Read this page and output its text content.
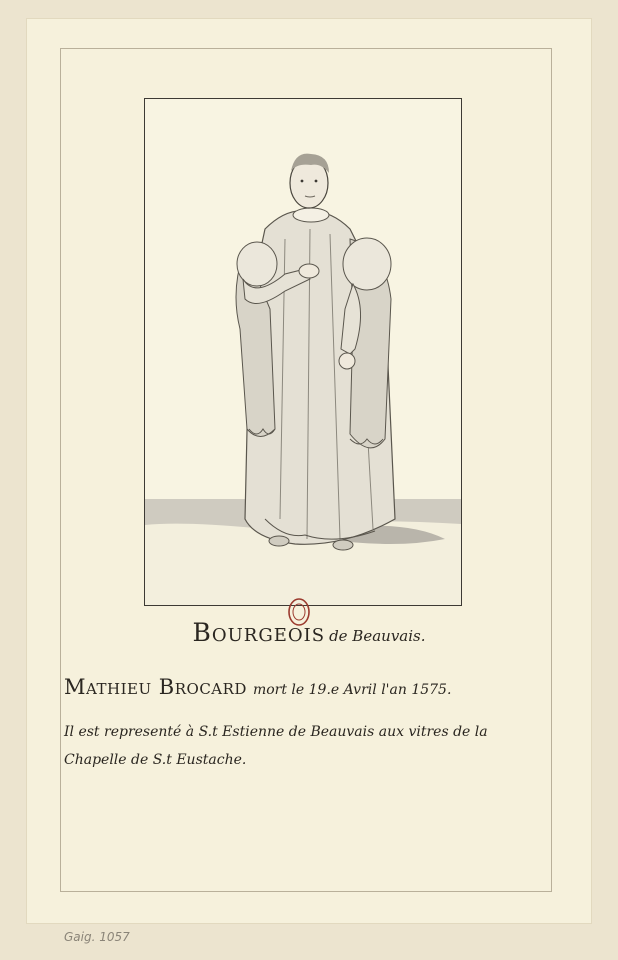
Bourgeois de Beauvais.
Mathieu Brocard mort le 19.e Avril l'an 1575.
Il est representé à S.t Estienne de Beauvais aux vitres de la
Chapelle de S.t Eustache.
Gaig. 1057
